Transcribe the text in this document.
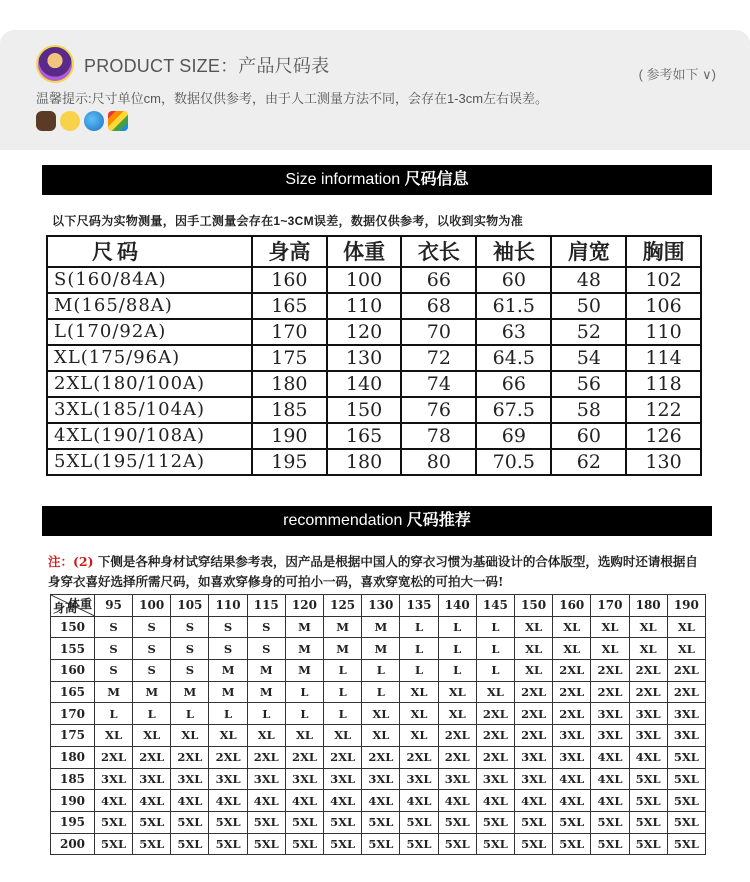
PRODUCT SIZE：产品尺码表	( 参考如下 ∨)
温馨提示:尺寸单位cm，数据仅供参考，由于人工测量方法不同，会存在1-3cm左右误差。
Size information 尺码信息
以下尺码为实物测量，因手工测量会存在1~3CM误差，数据仅供参考，以收到实物为准
尺码	身高	体重	衣长	袖长	肩宽	胸围
S(160/84A)	160	100	66	60	48	102
M(165/88A)	165	110	68	61.5	50	106
L(170/92A)	170	120	70	63	52	110
XL(175/96A)	175	130	72	64.5	54	114
2XL(180/100A)	180	140	74	66	56	118
3XL(185/104A)	185	150	76	67.5	58	122
4XL(190/108A)	190	165	78	69	60	126
5XL(195/112A)	195	180	80	70.5	62	130
recommendation 尺码推荐
注：(2) 下侧是各种身材试穿结果参考表，因产品是根据中国人的穿衣习惯为基础设计的合体版型，选购时还请根据自身穿衣喜好选择所需尺码，如喜欢穿修身的可拍小一码，喜欢穿宽松的可拍大一码!
体重
身高	95	100	105	110	115	120	125	130	135	140	145	150	160	170	180	190
150	S	S	S	S	S	M	M	M	L	L	L	XL	XL	XL	XL	XL
155	S	S	S	S	S	M	M	M	L	L	L	XL	XL	XL	XL	XL
160	S	S	S	M	M	M	L	L	L	L	L	XL	2XL	2XL	2XL	2XL
165	M	M	M	M	M	L	L	L	XL	XL	XL	2XL	2XL	2XL	2XL	2XL
170	L	L	L	L	L	L	L	XL	XL	XL	2XL	2XL	2XL	3XL	3XL	3XL
175	XL	XL	XL	XL	XL	XL	XL	XL	XL	2XL	2XL	2XL	3XL	3XL	3XL	3XL
180	2XL	2XL	2XL	2XL	2XL	2XL	2XL	2XL	2XL	2XL	2XL	3XL	3XL	4XL	4XL	5XL
185	3XL	3XL	3XL	3XL	3XL	3XL	3XL	3XL	3XL	3XL	3XL	3XL	4XL	4XL	5XL	5XL
190	4XL	4XL	4XL	4XL	4XL	4XL	4XL	4XL	4XL	4XL	4XL	4XL	4XL	4XL	5XL	5XL
195	5XL	5XL	5XL	5XL	5XL	5XL	5XL	5XL	5XL	5XL	5XL	5XL	5XL	5XL	5XL	5XL
200	5XL	5XL	5XL	5XL	5XL	5XL	5XL	5XL	5XL	5XL	5XL	5XL	5XL	5XL	5XL	5XL
